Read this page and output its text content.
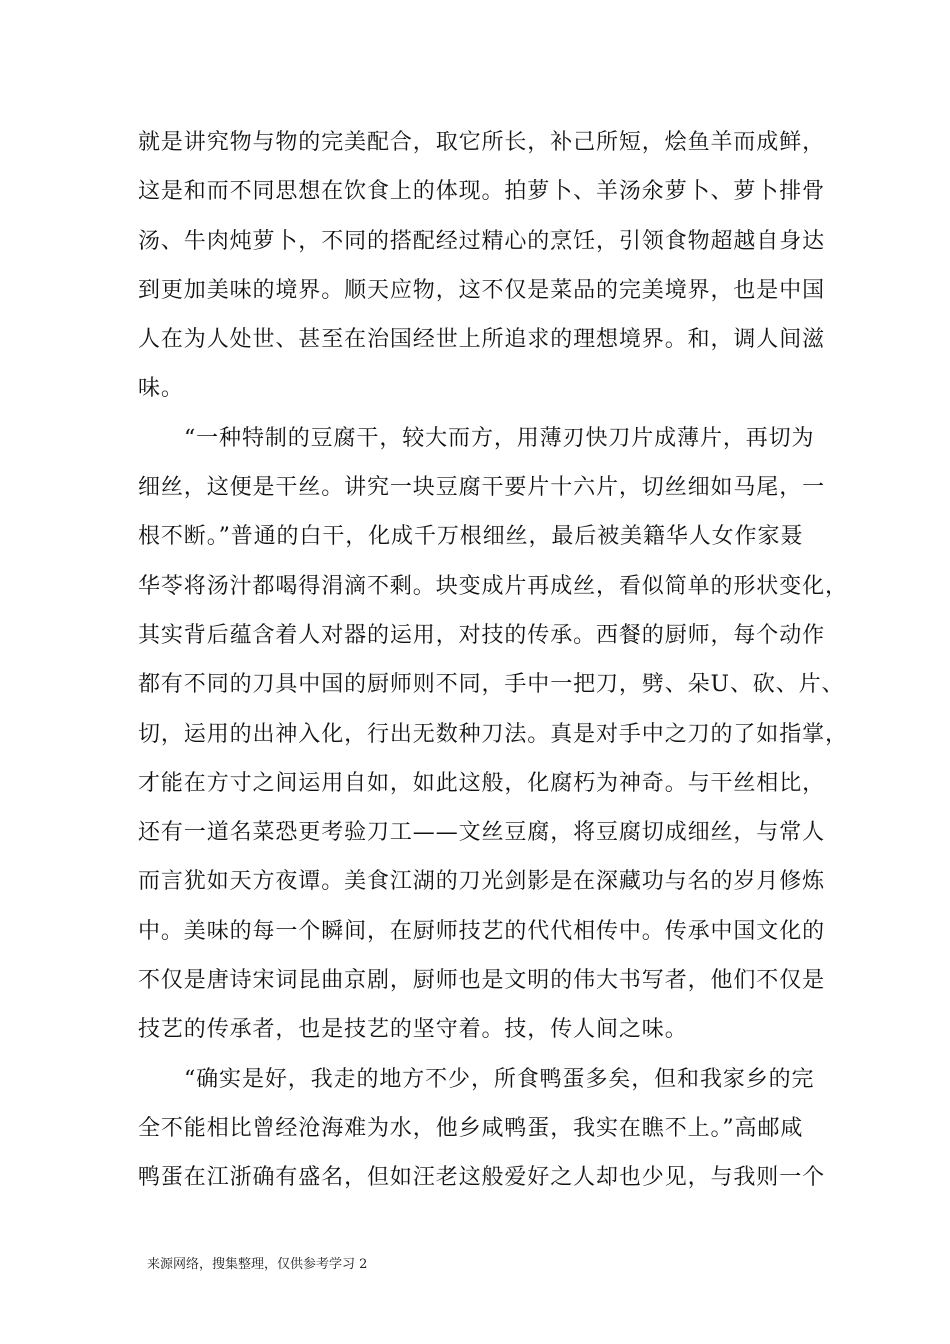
就是讲究物与物的完美配合，取它所长，补己所短，烩鱼羊而成鲜，
这是和而不同思想在饮食上的体现。拍萝卜、羊汤氽萝卜、萝卜排骨
汤、牛肉炖萝卜，不同的搭配经过精心的烹饪，引领食物超越自身达
到更加美味的境界。顺天应物，这不仅是菜品的完美境界，也是中国
人在为人处世、甚至在治国经世上所追求的理想境界。和，调人间滋
味。
“一种特制的豆腐干，较大而方，用薄刃快刀片成薄片，再切为
细丝，这便是干丝。讲究一块豆腐干要片十六片，切丝细如马尾，一
根不断。”普通的白干，化成千万根细丝，最后被美籍华人女作家聂
华苓将汤汁都喝得涓滴不剩。块变成片再成丝，看似简单的形状变化，
其实背后蕴含着人对器的运用，对技的传承。西餐的厨师，每个动作
都有不同的刀具中国的厨师则不同，手中一把刀，劈、朵U、砍、片、
切，运用的出神入化，行出无数种刀法。真是对手中之刀的了如指掌，
才能在方寸之间运用自如，如此这般，化腐朽为神奇。与干丝相比，
还有一道名菜恐更考验刀工——文丝豆腐，将豆腐切成细丝，与常人
而言犹如天方夜谭。美食江湖的刀光剑影是在深藏功与名的岁月修炼
中。美味的每一个瞬间，在厨师技艺的代代相传中。传承中国文化的
不仅是唐诗宋词昆曲京剧，厨师也是文明的伟大书写者，他们不仅是
技艺的传承者，也是技艺的坚守着。技，传人间之味。
“确实是好，我走的地方不少，所食鸭蛋多矣，但和我家乡的完
全不能相比曾经沧海难为水，他乡咸鸭蛋，我实在瞧不上。”高邮咸
鸭蛋在江浙确有盛名，但如汪老这般爱好之人却也少见，与我则一个
来源网络，搜集整理，仅供参考学习 2
